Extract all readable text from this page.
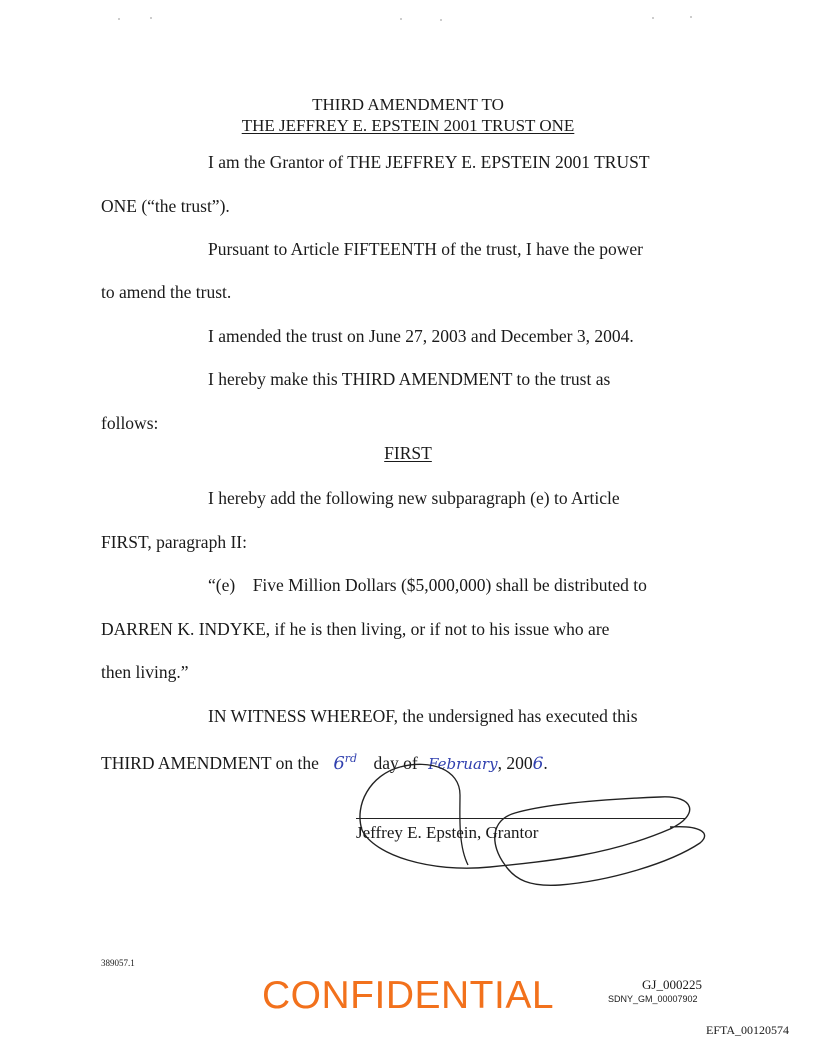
THIRD AMENDMENT TO
THE JEFFREY E. EPSTEIN 2001 TRUST ONE
I am the Grantor of THE JEFFREY E. EPSTEIN 2001 TRUST
ONE (“the trust”).
Pursuant to Article FIFTEENTH of the trust, I have the power
to amend the trust.
I amended the trust on June 27, 2003 and December 3, 2004.
I hereby make this THIRD AMENDMENT to the trust as
follows:
FIRST
I hereby add the following new subparagraph (e) to Article
FIRST, paragraph II:
“(e)    Five Million Dollars ($5,000,000) shall be distributed to
DARREN K. INDYKE, if he is then living, or if not to his issue who are
then living.”
IN WITNESS WHEREOF, the undersigned has executed this
THIRD AMENDMENT on the 6rd day of February, 2006.
Jeffrey E. Epstein, Grantor
389057.1
CONFIDENTIAL	GJ_000225
SDNY_GM_00007902
EFTA_00120574
